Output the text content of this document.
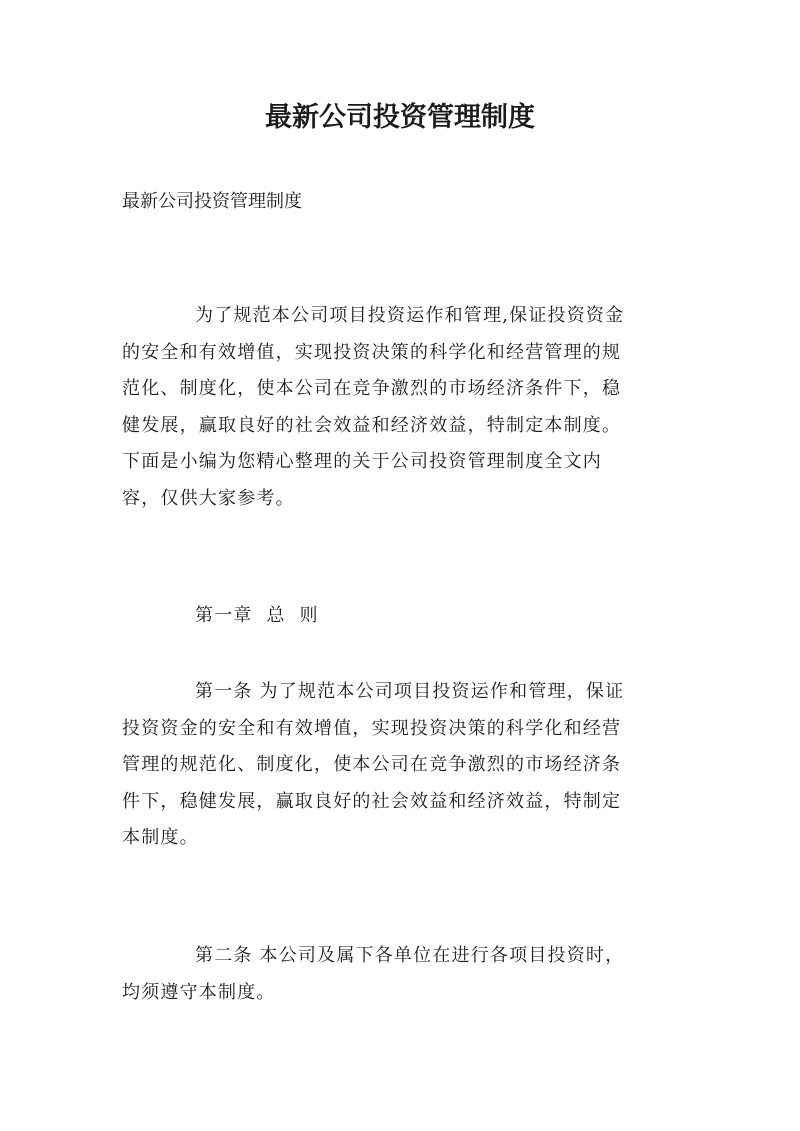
最新公司投资管理制度

最新公司投资管理制度

为了规范本公司项目投资运作和管理,保证投资资金
的安全和有效增值，实现投资决策的科学化和经营管理的规
范化、制度化，使本公司在竞争激烈的市场经济条件下，稳
健发展，赢取良好的社会效益和经济效益，特制定本制度。
下面是小编为您精心整理的关于公司投资管理制度全文内
容，仅供大家参考。

第一章  总  则

第一条 为了规范本公司项目投资运作和管理，保证
投资资金的安全和有效增值，实现投资决策的科学化和经营
管理的规范化、制度化，使本公司在竞争激烈的市场经济条
件下，稳健发展，赢取良好的社会效益和经济效益，特制定
本制度。
第二条 本公司及属下各单位在进行各项目投资时，
均须遵守本制度。
